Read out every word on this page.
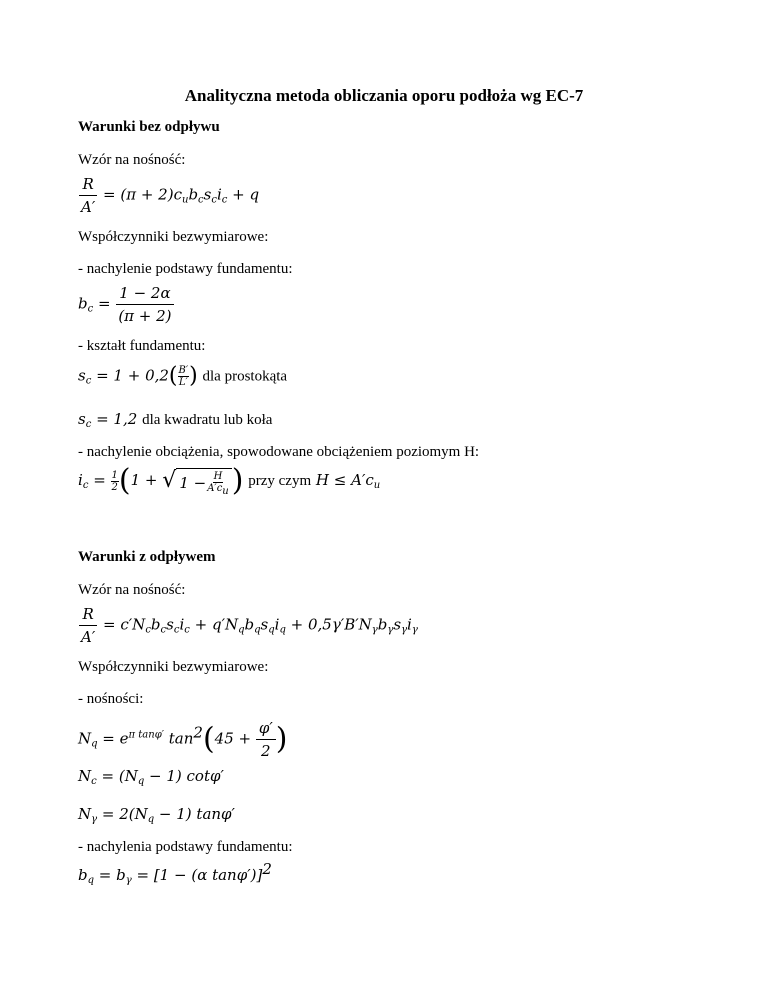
Analityczna metoda obliczania oporu podłoża wg EC-7
Warunki bez odpływu
Wzór na nośność:
$\frac{R}{A'} = (\pi + 2)c_ub_cs_ci_c + q$
Współczynniki bezwymiarowe:
- nachylenie podstawy fundamentu:
$b_c = \frac{1 - 2\alpha}{(\pi + 2)}$
- kształt fundamentu:
$s_c = 1 + 0,2( \frac{B'}{L'}$ ) dla prostokąta
$s_c = 1,2$ dla kwadratu lub koła
- nachylenie obciążenia, spowodowane obciążeniem poziomym H:
$i_c = \frac{1}{2} (1$ + √ $1 - \frac{H}{A'c_u}$ ) przy czym $H \le A'c_u$
Warunki z odpływem
Wzór na nośność:
$\frac{R}{A'} = c'N_cb_cs_ci_c + q'N_qb_qs_qi_q + 0,5\gamma'B'N_\gamma b_\gamma s_\gamma i_\gamma$
Współczynniki bezwymiarowe:
- nośności:
$N_q = e^{\pi tan\varphi'}$ $\tan^2(45 + \frac{\varphi'}{2}$ )
$N_c = (N_q - 1)$ cotφ′
$N_\gamma = 2(N_q - 1)$ tanφ′
- nachylenia podstawy fundamentu:
$b_q = b_\gamma = [1 - (\alpha$ tanφ′)]$^2$
